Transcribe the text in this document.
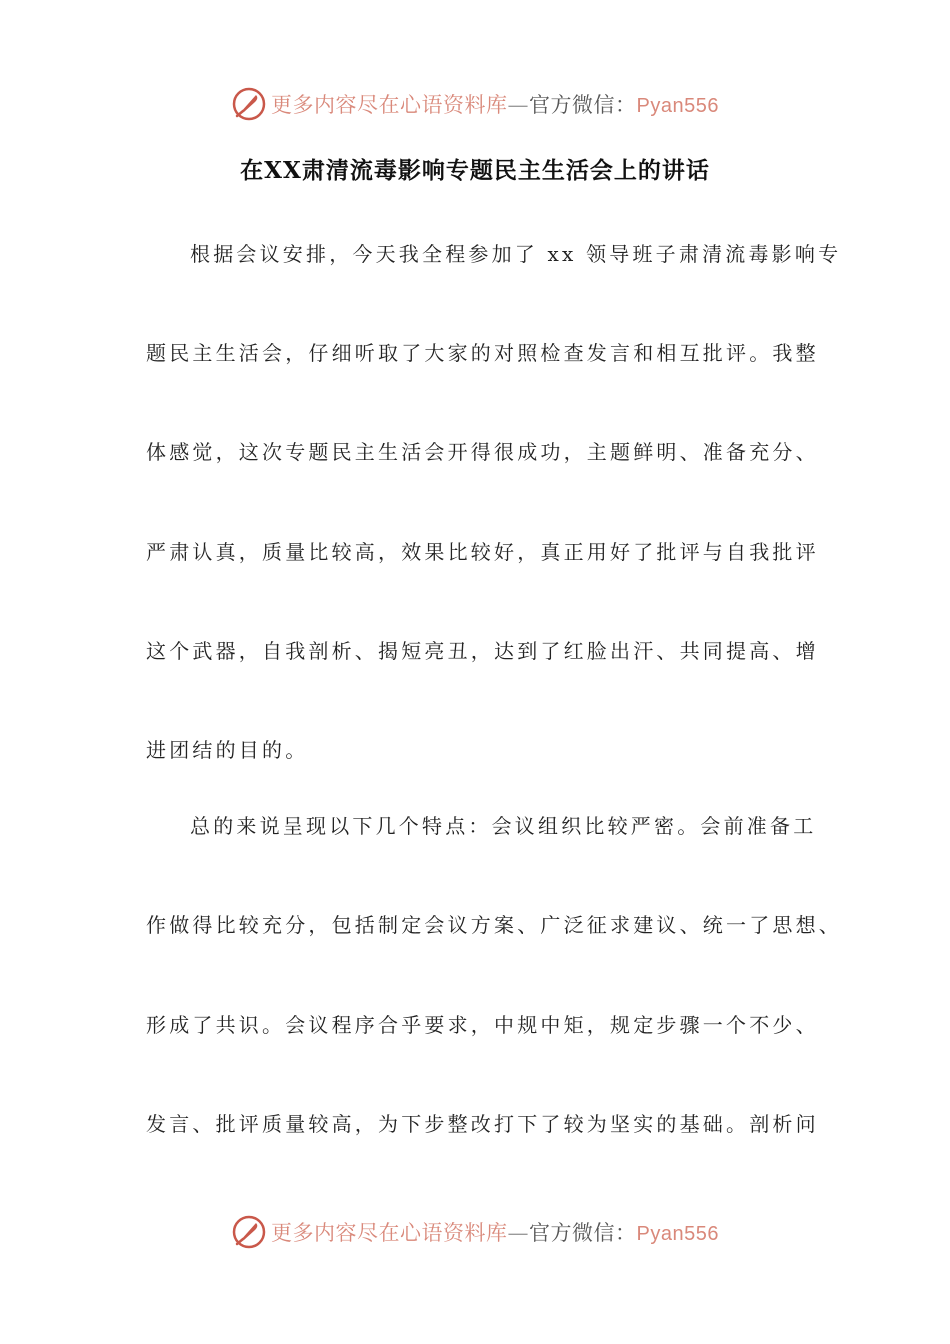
更多内容尽在心语资料库—官方微信：Pyan556
在XX肃清流毒影响专题民主生活会上的讲话

根据会议安排，今天我全程参加了 xx 领导班子肃清流毒影响专

题民主生活会，仔细听取了大家的对照检查发言和相互批评。我整

体感觉，这次专题民主生活会开得很成功，主题鲜明、准备充分、

严肃认真，质量比较高，效果比较好，真正用好了批评与自我批评

这个武器，自我剖析、揭短亮丑，达到了红脸出汗、共同提高、增

进团结的目的。

总的来说呈现以下几个特点：会议组织比较严密。会前准备工

作做得比较充分，包括制定会议方案、广泛征求建议、统一了思想、

形成了共识。会议程序合乎要求，中规中矩，规定步骤一个不少、

发言、批评质量较高，为下步整改打下了较为坚实的基础。剖析问

更多内容尽在心语资料库—官方微信：Pyan556
